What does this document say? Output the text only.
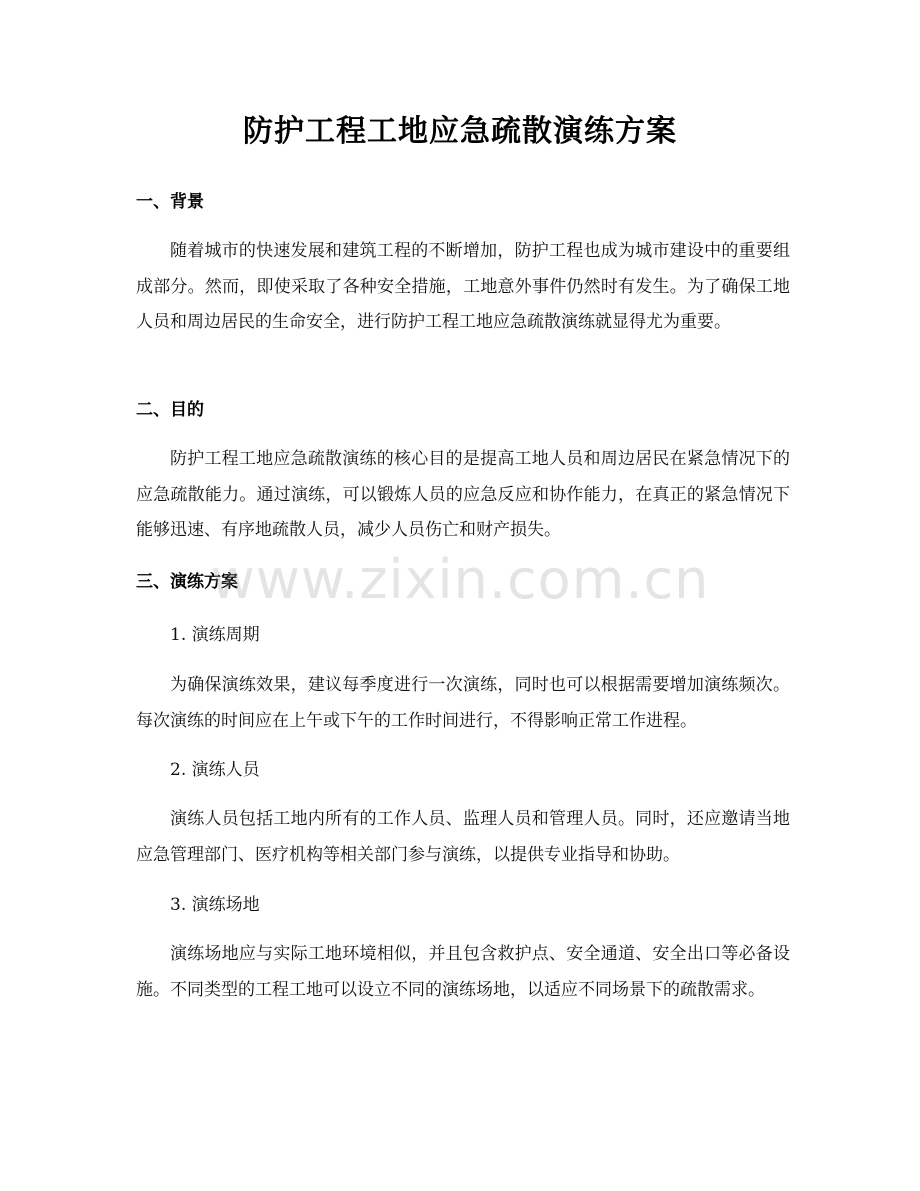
防护工程工地应急疏散演练方案
一、背景
随着城市的快速发展和建筑工程的不断增加，防护工程也成为城市建设中的重要组成部分。然而，即使采取了各种安全措施，工地意外事件仍然时有发生。为了确保工地人员和周边居民的生命安全，进行防护工程工地应急疏散演练就显得尤为重要。
二、目的
防护工程工地应急疏散演练的核心目的是提高工地人员和周边居民在紧急情况下的应急疏散能力。通过演练，可以锻炼人员的应急反应和协作能力，在真正的紧急情况下能够迅速、有序地疏散人员，减少人员伤亡和财产损失。
三、演练方案
1. 演练周期
为确保演练效果，建议每季度进行一次演练，同时也可以根据需要增加演练频次。每次演练的时间应在上午或下午的工作时间进行，不得影响正常工作进程。
2. 演练人员
演练人员包括工地内所有的工作人员、监理人员和管理人员。同时，还应邀请当地应急管理部门、医疗机构等相关部门参与演练，以提供专业指导和协助。
3. 演练场地
演练场地应与实际工地环境相似，并且包含救护点、安全通道、安全出口等必备设施。不同类型的工程工地可以设立不同的演练场地，以适应不同场景下的疏散需求。
www.zixin.com.cn
